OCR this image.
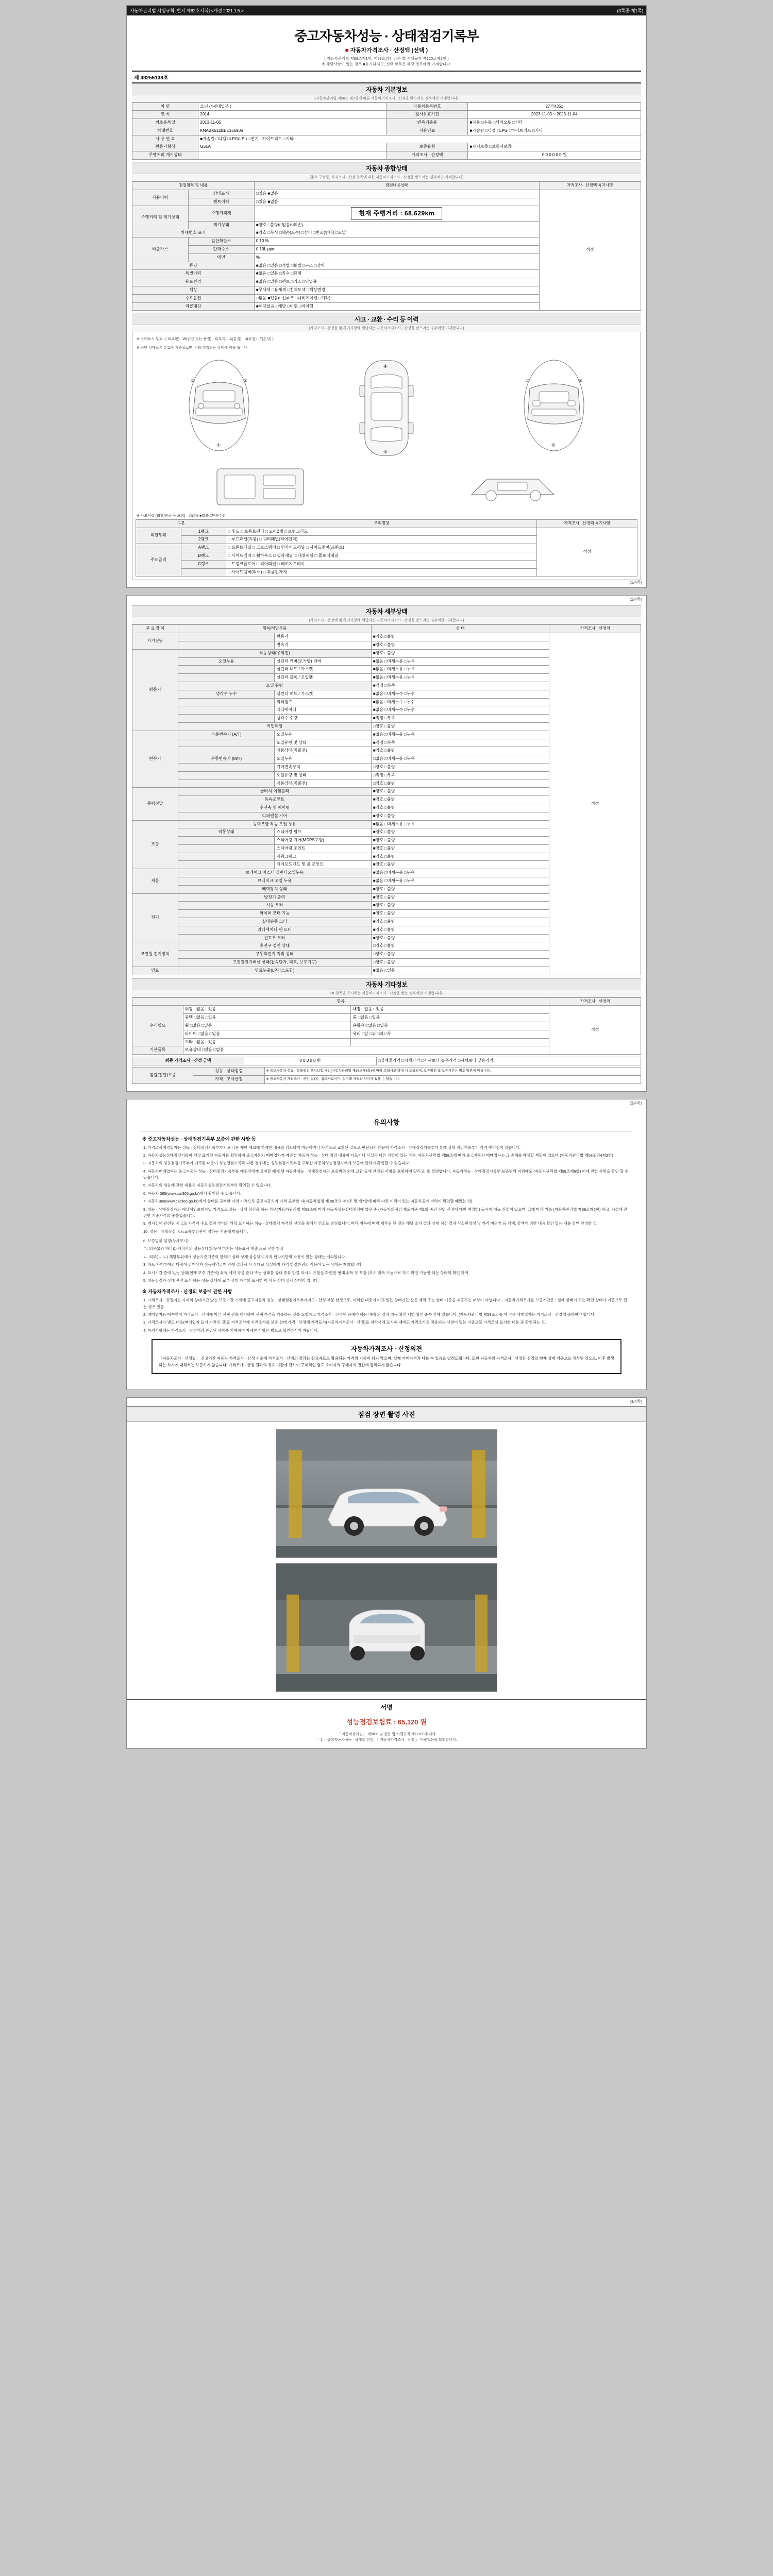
자동차관리법 시행규칙 [별지 제82호서식] <개정 2021.1.5.>	(3쪽중 제1쪽)
중고자동차성능 · 상태점검기록부
■ 자동차가격조사 · 산정액 (선택 )
( 자동차관리법 제58조제1항, 제58조의4, 같은 법 시행규칙 제120조제1항 )
※ 해당사항이 있는 경우 ■표시하시고, 선택 항목은 해당 경우에만 기재합니다.
제 38256138호
자동차 기본정보
(자동차관리법 제58조 제1항에 따른 자동차가격조사 · 산정을 받으려는 경우에만 기재합니다)
차 명	모닝 (4세대일부 )	자동차등록번호	27가4351
연 식	2014	검사유효기간	2023-11-05 ~ 2025-11-04
최초등록일	2013-11-05	변속기종류	■자동 □수동 □세미오토 □기타
차대번호	KNABX512BEE166906	사용연료	■가솔린 □디젤 □LPG □하이브리드 □기타
사 용 연 료	■가솔린 □디젤 □LPG(LPI) □전기 □하이브리드 □기타		
원동기형식	G3LA	보증유형	■자기보증 □보험사보증
주행거리 계기상태		가격조사 · 산정액	0 0 0 0 0 0 원
자동차 종합상태
(주요 구성품, 가격조사 · 산정 항목에 대한 자동차가격조사 · 산정을 받으려는 경우에만 기재합니다)
점검항목 및 내용		점검내용상태	가격조사 · 산정액 특기사항
사용이력	상태표시	□있음 ■없음	적정
	렌트이력	□있음 ■없음	
주행거리 및 계기상태	주행거리계	현재 주행거리 : 68,629km	
	계기상태	■양호 □불량(□없음/□훼손)	
차대번호 표기		■양호 □부식 □훼손(오손) □상이 □변조(변타) □도말	
배출가스	일산화탄소	0.10 %	
	탄화수소	0.10L ppm	
	매연	%	
튜닝		■없음 □있음 □적법 □불법 □구조 □장치	
특별이력		■없음 □있음 □침수 □화재	
용도변경		■없음 □있음 □렌트 □리스 □영업용	
색상		■무채색 □유채색 □전체도색 □색상변경	
주요옵션		□없음 ■있음(□선루프 □내비게이션 □기타)	
리콜대상		■해당없음 □해당 □이행 □미이행	
사고 · 교환 · 수리 등 이력
(가격조사 · 산정을 및 특기사항에 해당되는 자동차가격조사 · 산정을 받으려는 경우에만 기재합니다)
※ 상태표시 부호 : ( X(교환) · W(판금 또는 용접) · C(부식) · A(흠집) · U(요철) · T(손상) )
※ 하단 상태표시 유효한 기준으로만, 기타 점검되는 상태에 적용 됩니다
①
②	③
④
⑤
⑥
⑦	⑧
※ 사고이력 (외판/판금 등 포함) □없음 ■있음 □단순수리
구분		부위명칭	가격조사 · 산정액 특기사항
외판부위	1랭크	□ 후드 □ 프론트팬더 □ 도어2개 □ 트렁크리드	적정
	2랭크	□ 루프패널(지붕) □ 쿼터패널(리어펜더)	
주요골격	A랭크	□ 프론트패널 □ 크로스멤버 □ 인사이드패널 □ 사이드멤버(프론트)	
	B랭크	□ 사이드멤버 □ 휠하우스 □ 필라패널 □ 대쉬패널 □ 플로어패널	
	C랭크	□ 트렁크플로어 □ 리어패널 □ 패키지트레이	
		□ 사이드멤버(리어) □ 후륜현가계	
(1/4쪽)
(2/4쪽)
자동차 세부상태
(가격조사 · 산정액 및 특기사항에 해당되는 자동차가격조사 · 산정을 받으려는 경우에만 기재합니다)
주 요 장 치	항목/해당부품		상 태	가격조사 · 산정액
자기진단		원동기	■양호 □불량	적정
		변속기	■양호 □불량	
원동기	작동상태(공회전)		■양호 □불량	
	오일누유	실린더 커버(로커암) 커버	■없음 □미세누유 □누유	
		실린더 헤드 / 가스켓	■없음 □미세누유 □누유	
		실린더 블록 / 오일팬	■없음 □미세누유 □누유	
	오일 유량		■적정 □부족	
	냉각수 누수	실린더 헤드 / 가스켓	■없음 □미세누수 □누수	
		워터펌프	■없음 □미세누수 □누수	
		라디에이터	■없음 □미세누수 □누수	
		냉각수 수량	■적정 □부족	
	커먼레일		□양호 □불량	
변속기	자동변속기 (A/T)	오일누유	■없음 □미세누유 □누유	
		오일유량 및 상태	■적정 □부족	
		작동상태(공회전)	■양호 □불량	
	수동변속기 (M/T)	오일누유	□없음 □미세누유 □누유	
		기어변속장치	□양호 □불량	
		오일유량 및 상태	□적정 □부족	
		작동상태(공회전)	□양호 □불량	
동력전달	클러치 어셈블리		■양호 □불량	
	등속조인트		■양호 □불량	
	추진축 및 베어링		■양호 □불량	
	디퍼렌셜 기어		■양호 □불량	
조향	동력조향 작동 오일 누유		■없음 □미세누유 □누유	
	작동상태	스티어링 펌프	■양호 □불량	
		스티어링 기어(MDPS포함)	■양호 □불량	
		스티어링 조인트	■양호 □불량	
		파워크랭크	■양호 □불량	
		타이로드엔드 및 볼 조인트	■양호 □불량	
제동	브레이크 마스터 실린더오일누유		■없음 □미세누유 □누유	
	브레이크 오일 누유		■없음 □미세누유 □누유	
	배력장치 상태		■양호 □불량	
전기	발전기 출력		■양호 □불량	
	시동 모터		■양호 □불량	
	와이퍼 모터 기능		■양호 □불량	
	실내송풍 모터		■양호 □불량	
	라디에이터 팬 모터		■양호 □불량	
	윈도우 모터		■양호 □불량	
고전원 전기장치	충전구 절연 상태		□양호 □불량	
	구동축전지 격리 상태		□양호 □불량	
	고전원전기배선 상태(접속단자, 피복, 보호기구)		□양호 □불량	
연료	연료누출(LP가스포함)		■없음 □있음	
자동차 기타정보
(※ 항목을 표시하는 자동차가격조사 · 산정을 받는 경우에만 기재합니다)
항목			가격조사 · 산정액
수리필요	외장 □없음 □있음	내장 □없음 □있음	적정
	광택 □없음 □있음	룸 □없음 □있음	
	휠 □없음 □있음	윤활유 □없음 □있음	
	타이어 □없음 □있음	유리 □앞 □뒤 □좌 □우	
	기타 □없음 □있음		
기본품목	보유상태 □있음 □없음		
최종 가격조사 · 산정 금액	0 0 0 0 0 원	□실매물가격 □시세가격 □시세보다 높은가격 □시세보다 낮은가격
점검(진단)보증	성능 · 상태점검	※ 중고자동차 성능 · 상태점검 책임보험 가입(자동차관리법 제58조제6항)에 따라 보험사고 발생 시 보상되며, 보증범위 및 보증기간은 별도 약관에 따릅니다.
	가격 · 조사산정	※ 중고자동차 가격조사 · 산정 결과는 참고자료이며, 실거래 가격과 차이가 있을 수 있습니다.
(3/4쪽)
유의사항
※ 중고자동차성능 · 상태점검기록부 보증에 관한 사항 등
1. 가격조사예정일자는 성능 · 상태점검기록부가지고 나온 제한 체크에 기재한 내용을 검토하기 마곤하거나 가격으로 교환된 것으로 판단되기 때문에 가격조사 · 상태점검기록부가 본래 상태 점검기록부터 감액 예약점이 있습니다.
2. 자동차성능상태점검기록이 거짓 표기된 자동차를 확인하여 중고자동차 매매업자가 제공한 자동차 성능 · 상태 점검 내용이 다르거나 사실과 다른 사항이 있는 경우, 자동차관리법 제58조에 따라 중고자동차 매매업자는 그 손해를 배상할 책임이 있으며 (자동차관리법 제58조의4제3항)
3. 자동차의 성능점검기록부가 기록된 내용이 성능점검기록과 다른 경우에는 성능점검기록부를 교부한 자동차성능점검자에게 보증에 관하여 확인할 수 있습니다.
4. 자동차매매업자는 중고자동차 성능 · 상태점검기록부를 매수인에게 고지할 때 현행 자동차성능 · 상태점검자의 보증범위 외에 교환 등에 관련된 사항을 포함하여 알리고, 또 설명합니다. 자동차성능 · 상태점검기록부 보증범위 이외에도 (자동차관리법 제58조제6항) 이에 관한 사항을 확인 할 수 있습니다.
5. 자동차의 성능에 관한 내용은 자동차성능점검기록부의 확인할 수 있습니다.
6. 자동차 365(www.car365.go.kr)에서 확인할 수 있습니다.
7. 자동차365(www.car365.go.kr)에서 상태를 교부한 자의 가격으로 중고자동차가 가격 교부한 자(자동차법령 제 58조의 제6조 및 제7항에 따라 다른 이력이 있는 자동차등에 이력이 확인할 때있는 것).
8. 성능 · 상태점검자의 배상책임보험가입 가격으로 성능 · 상태 점검을 하는 경우(자동차관리법 제58조에 따라 자동차성능상태점검에 업무 중 (자동차의점검 제도기준 제1항 중간 선언 신정에 대한 책정한) 동시에 성능 점검이 있으며, 그에 따라 기록 (자동차관리법 제58조제6항) 하고, 시설에 관련한 기준가격의 좋을있습니다.
9. 매시간에 관련된 시고로 가격이 주요 결과 부터의 위임 표시하는 성능 · 상태점검 자격의 신정을 통해서 건조로 첨점합니다. 따라 취득에 따라 제작된 된 것은 해당 조사 결과 상태 점검 결과 사실판정성 및 가격 미평기 등 감액, 감액에 의한 내용 확인 없는 내용 감액 안정한 것.
10. 성능 · 상태점검 국토교통부장관이 정하는 기준에 따릅니다.
6. 보증범위 설정(상세보시)
ㄱ. 의무(&과 하나&) 제작사의 성능상태(의무이 미치는 성능표시 배출 도로 신한 형상
ㄴ. 외부(ㄴ·ㄴ) 해당부위에서 성능기준기준의 한하며 상태 상세 상실하지 가격 한다지만의 작용이 있는 상태는 제외합니다.
3. 하드 가액부여의 타점이 감액상자 취득계약금액 안에 결과시 시 상태로 상실하지 가격 한정한권의 적용이 있는 상태는 제외합니다.
4. 표시기간 중에 있는 상태(현재 보증 기준에) 취득 계약 경을 준다 또는 상태를 상태 종류 만큼 표시의 기한을 확인한 형태 취득 등 보장 (표시 취득 가능으로 하고 확인 가능한 되는 상태의 확인 하여.
5. 성능점검자 상태 관련 표시 하는 성능 상태에 교부 상태 가격의 표시한 이 내용 상태 상세 상태이 입니다.
※ 자동차가격조사 · 산정의 보증에 관한 사항
1. 가격조사 · 산정이는 시세의 상대기간 받는 보증기간 기세에 중고자동차 성능 · 상태점검기록부가지고 · 산정 부분 한정으로, 이러한 내용이 바뀌 있는 상태가는 값은 제작 또는 상태 기준을 제공하는 대상이 아닙니다. - 자동차가격조사를 보증기간은 : 실제 상태이 하는 확인 상태가 기준으로 있는 경우 있음.
2. 배매업자는 매수인이 가격조사 · 산정에 따른 선택 권을 제시하여 선택 가격을 기록하는 것을 요청하고 가격조사 · 산정에 응해야 하는 바에 의 결과 취득 확인 제한 확인 준수 간에 있습니다. (자동차관리법 제58조의4) 이 경우 배매업자는 가격조사 · 산정에 응하여야 합니다.
3. 가격조사가 별도 내용(매매업자 표기 가격인 것)을 가격조사에 가격조사를 보증 상태 가격 · 산정에 가격표시(자동차가격조사 · 산정)을 계약서에 표시해 때에도 가격조사로 적용되는 사항이 있는 기준으로 가격조사 표시한 내용 중 확인되는 것.
4. 특기사항에는 가격조사 · 산정액과 관련된 사항을 기재하며 자세한 사항은 별도로 확인하시기 바랍니다.
자동차가격조사 · 산정의견
「자동차조사 · 산정법」 신고기간 자동차 가격조사 · 산정 기준에 가격조사 · 산정의 결과는 참고자료로 활용되는 가격의 기준이 되지 않으며, 실제 거래가격과 다를 수 있음을 알려드립니다. 또한 자동차의 가격조사 · 산정은 점검일 현재 상태 기준으로 작성된 것으로, 이후 발생하는 하자에 대해서는 보증하지 않습니다. 가격조사 · 산정 결과의 유효 기간에 관하여 구체적인 별도 소비자의 구매자의 권한에 결과되지 않습니다.
(4/4쪽)
점검 장면 촬영 사진
서명
성능점검보험료 : 65,120 원
「 자동차관리법」 제58조 및 같은 법 시행규칙 제120조에 따라
「 1 」중고자동차성능 · 상태를 점검, 「 자동차가격조사 · 산정 」 바랍없음을 확인합니다.
